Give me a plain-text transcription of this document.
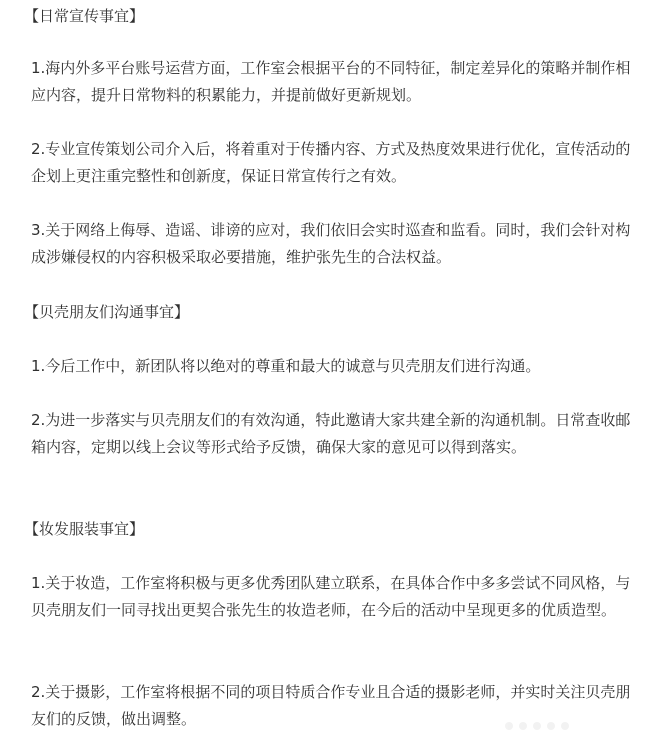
【日常宣传事宜】
1.海内外多平台账号运营方面，工作室会根据平台的不同特征，制定差异化的策略并制作相应内容，提升日常物料的积累能力，并提前做好更新规划。
2.专业宣传策划公司介入后，将着重对于传播内容、方式及热度效果进行优化，宣传活动的企划上更注重完整性和创新度，保证日常宣传行之有效。
3.关于网络上侮辱、造谣、诽谤的应对，我们依旧会实时巡查和监看。同时，我们会针对构成涉嫌侵权的内容积极采取必要措施，维护张先生的合法权益。
【贝壳朋友们沟通事宜】
1.今后工作中，新团队将以绝对的尊重和最大的诚意与贝壳朋友们进行沟通。
2.为进一步落实与贝壳朋友们的有效沟通，特此邀请大家共建全新的沟通机制。日常查收邮箱内容，定期以线上会议等形式给予反馈，确保大家的意见可以得到落实。
【妆发服装事宜】
1.关于妆造，工作室将积极与更多优秀团队建立联系，在具体合作中多多尝试不同风格，与贝壳朋友们一同寻找出更契合张先生的妆造老师，在今后的活动中呈现更多的优质造型。
2.关于摄影，工作室将根据不同的项目特质合作专业且合适的摄影老师，并实时关注贝壳朋友们的反馈，做出调整。
